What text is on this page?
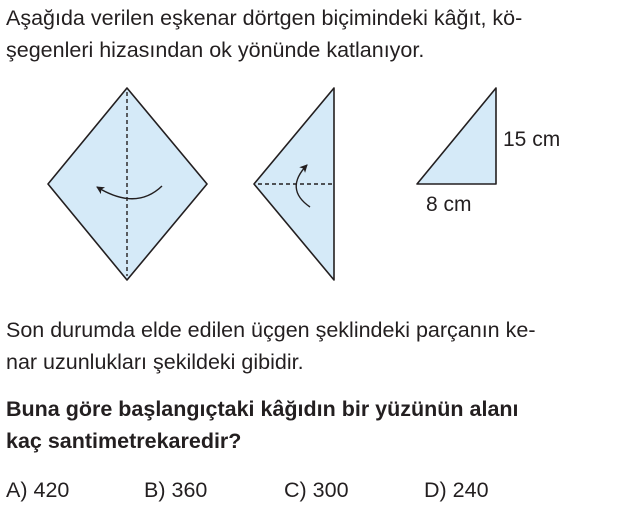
Aşağıda verilen eşkenar dörtgen biçimindeki kâğıt, kö-
şegenleri hizasından ok yönünde katlanıyor.
15 cm
8 cm
Son durumda elde edilen üçgen şeklindeki parçanın ke-
nar uzunlukları şekildeki gibidir.
Buna göre başlangıçtaki kâğıdın bir yüzünün alanı
kaç santimetrekaredir?
A) 420	B) 360	C) 300	D) 240
